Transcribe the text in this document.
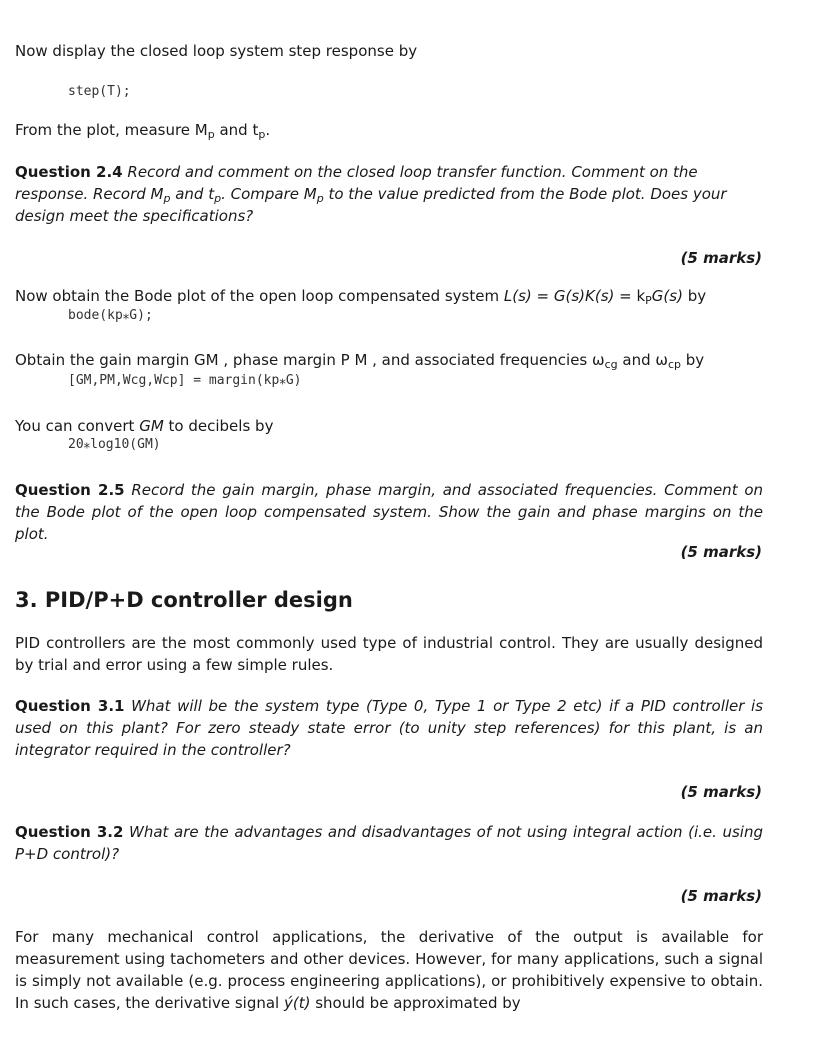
Now display the closed loop system step response by

step(T);

From the plot, measure $M_p$ and $t_p$.

Question 2.4 Record and comment on the closed loop transfer function. Comment on the response. Record $M_p$ and $t_p$. Compare $M_p$ to the value predicted from the Bode plot. Does your design meet the specifications?

(5 marks)

Now obtain the Bode plot of the open loop compensated system $L(s) = G(s)K(s) = k_PG(s)$ by

bode(kp⁎G);

Obtain the gain margin GM , phase margin P M , and associated frequencies $\omega_{cg}$ and $\omega_{cp}$ by

[GM,PM,Wcg,Wcp] = margin(kp⁎G)

You can convert GM to decibels by

20⁎log10(GM)

Question 2.5 Record the gain margin, phase margin, and associated frequencies. Comment on the Bode plot of the open loop compensated system. Show the gain and phase margins on the plot.

(5 marks)
3. PID/P+D controller design

PID controllers are the most commonly used type of industrial control. They are usually designed by trial and error using a few simple rules.

Question 3.1 What will be the system type (Type 0, Type 1 or Type 2 etc) if a PID controller is used on this plant? For zero steady state error (to unity step references) for this plant, is an integrator required in the controller?

(5 marks)

Question 3.2 What are the advantages and disadvantages of not using integral action (i.e. using P+D control)?

(5 marks)

For many mechanical control applications, the derivative of the output is available for measurement using tachometers and other devices. However, for many applications, such a signal is simply not available (e.g. process engineering applications), or prohibitively expensive to obtain. In such cases, the derivative signal ý(t) should be approximated by
